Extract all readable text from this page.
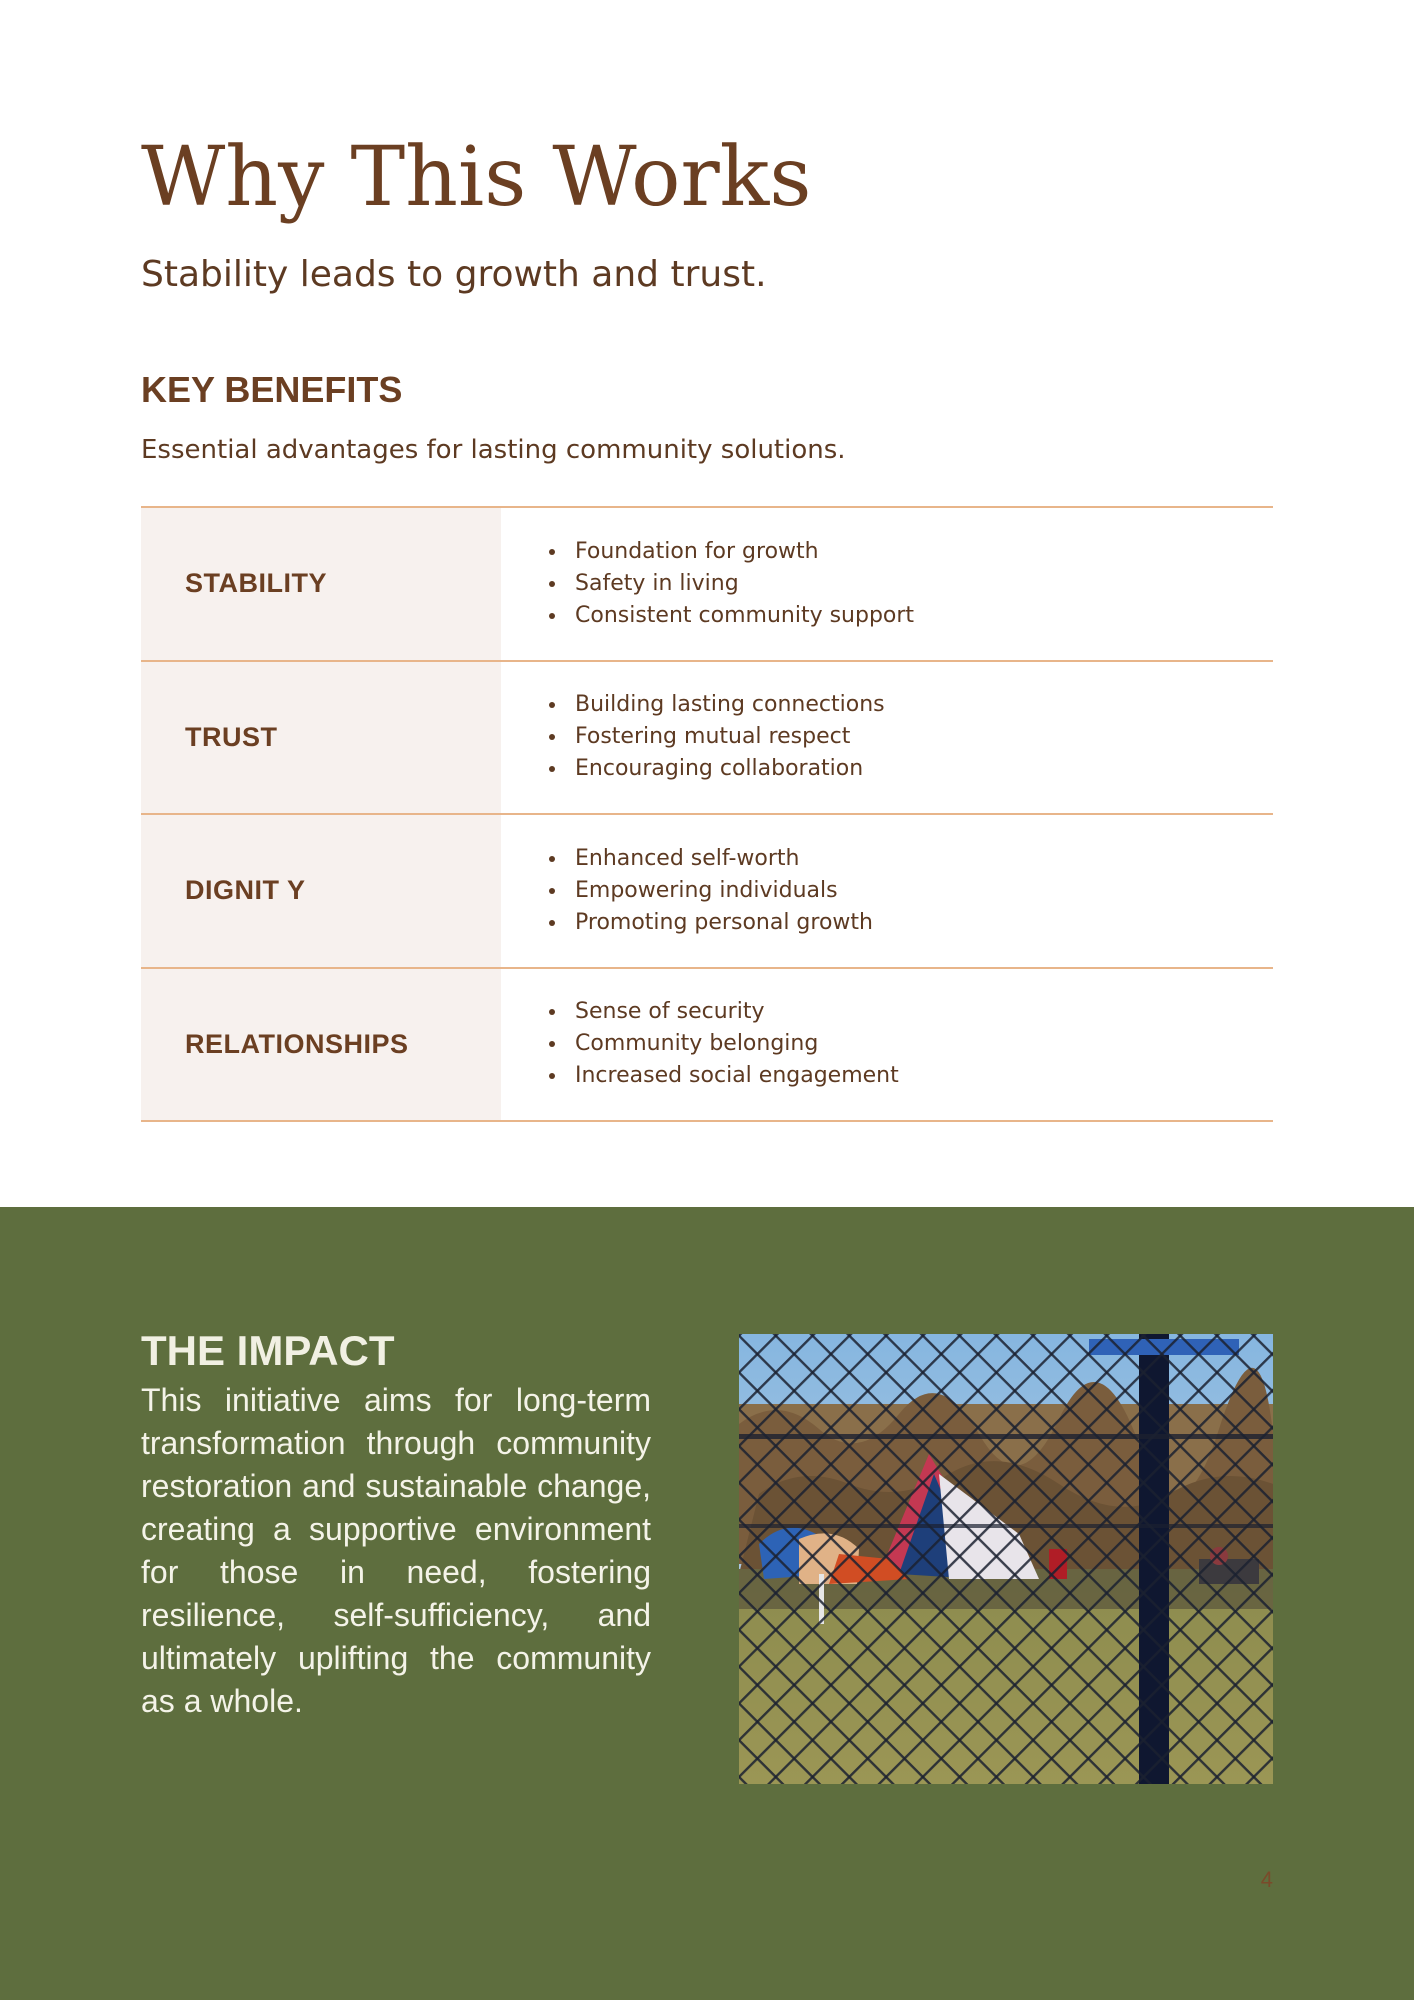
Why This Works

Stability leads to growth and trust.

KEY BENEFITS

Essential advantages for lasting community solutions.

STABILITY
Foundation for growth
Safety in living
Consistent community support
TRUST
Building lasting connections
Fostering mutual respect
Encouraging collaboration
DIGNIT Y
Enhanced self-worth
Empowering individuals
Promoting personal growth
RELATIONSHIPS
Sense of security
Community belonging
Increased social engagement
THE IMPACT

This initiative aims for long-term transformation through community restoration and sustainable change, creating a supportive environment for those in need, fostering resilience, self-sufficiency, and ultimately uplifting the community as a whole.

4
